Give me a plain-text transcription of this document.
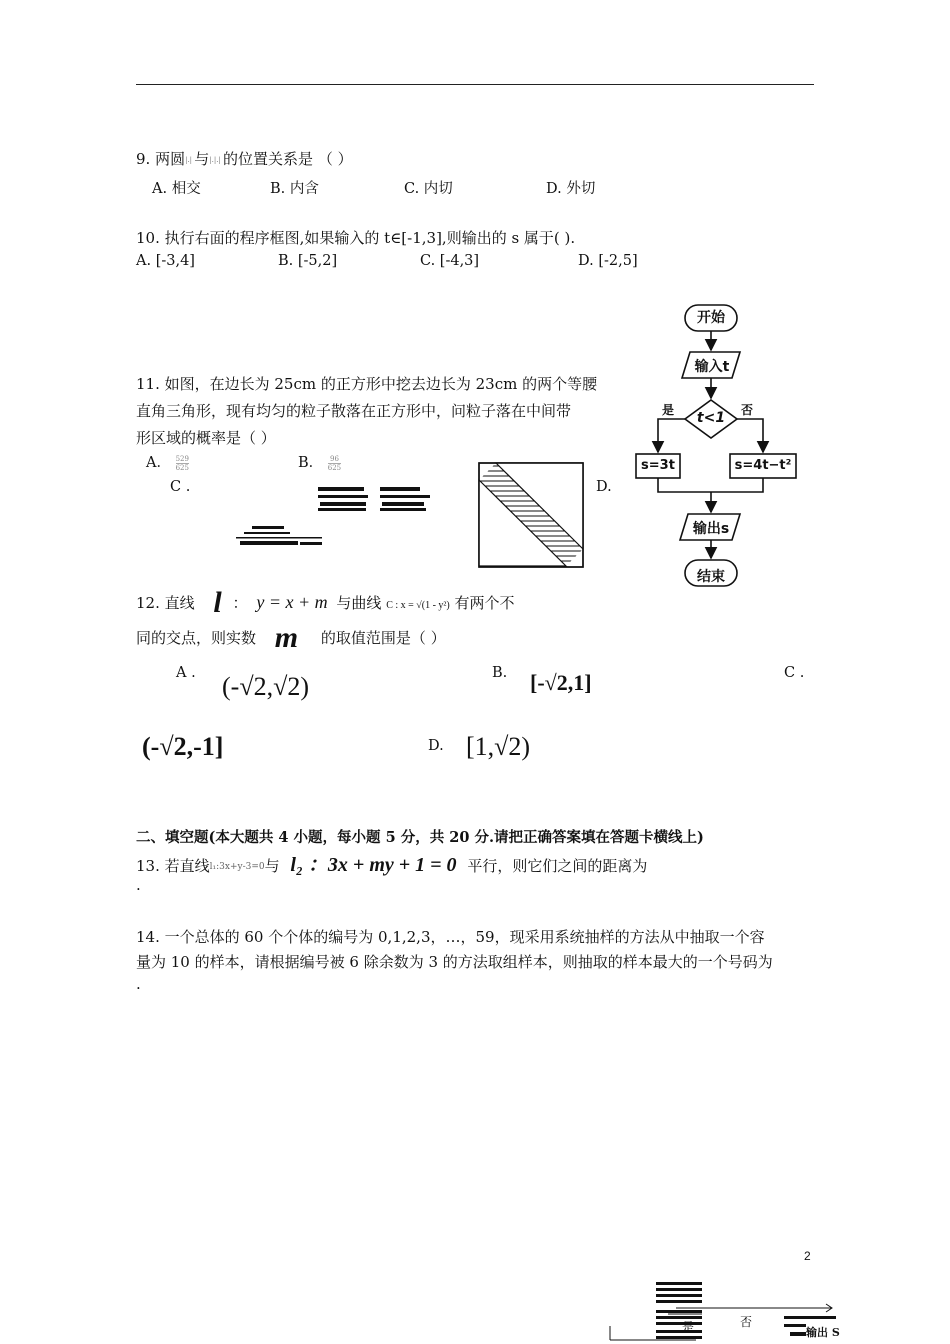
9. 两圆|.| 与|.|.| 的位置关系是 （ ）
A. 相交	B. 内含	C. 内切	D. 外切
10. 执行右面的程序框图,如果输入的 t∈[-1,3],则输出的 s 属于( ).
A. [-3,4]	B. [-5,2]	C. [-4,3]	D. [-2,5]
11. 如图，在边长为 25cm 的正方形中挖去边长为 23cm 的两个等腰
直角三角形，现有均匀的粒子散落在正方形中，问粒子落在中间带
形区域的概率是（ ）
A． $\frac{529}{625}$	B． $\frac{96}{625}$
C .	D.
开始
输入t
t<1
是	否
s=3t	s=4t−t²
输出s
结束
12. 直线 l ： y = x + m 与曲线 C : x = √(1 - y²) 有两个不
同的交点，则实数 m 的取值范围是（ ）
A . (-√2,√2)	B. [-√2,1]	C .
(-√2,-1]	D. [1,√2)
二、填空题(本大题共 4 小题，每小题 5 分，共 20 分.请把正确答案填在答题卡横线上)
13. 若直线l₁:3x+y-3=0与 l₂ ：3x + my + 1 = 0 平行，则它们之间的距离为
.
14. 一个总体的 60 个个体的编号为 0,1,2,3，…，59，现采用系统抽样的方法从中抽取一个容
量为 10 的样本，请根据编号被 6 除余数为 3 的方法取组样本，则抽取的样本最大的一个号码为
.
2
是	否
输出 S
